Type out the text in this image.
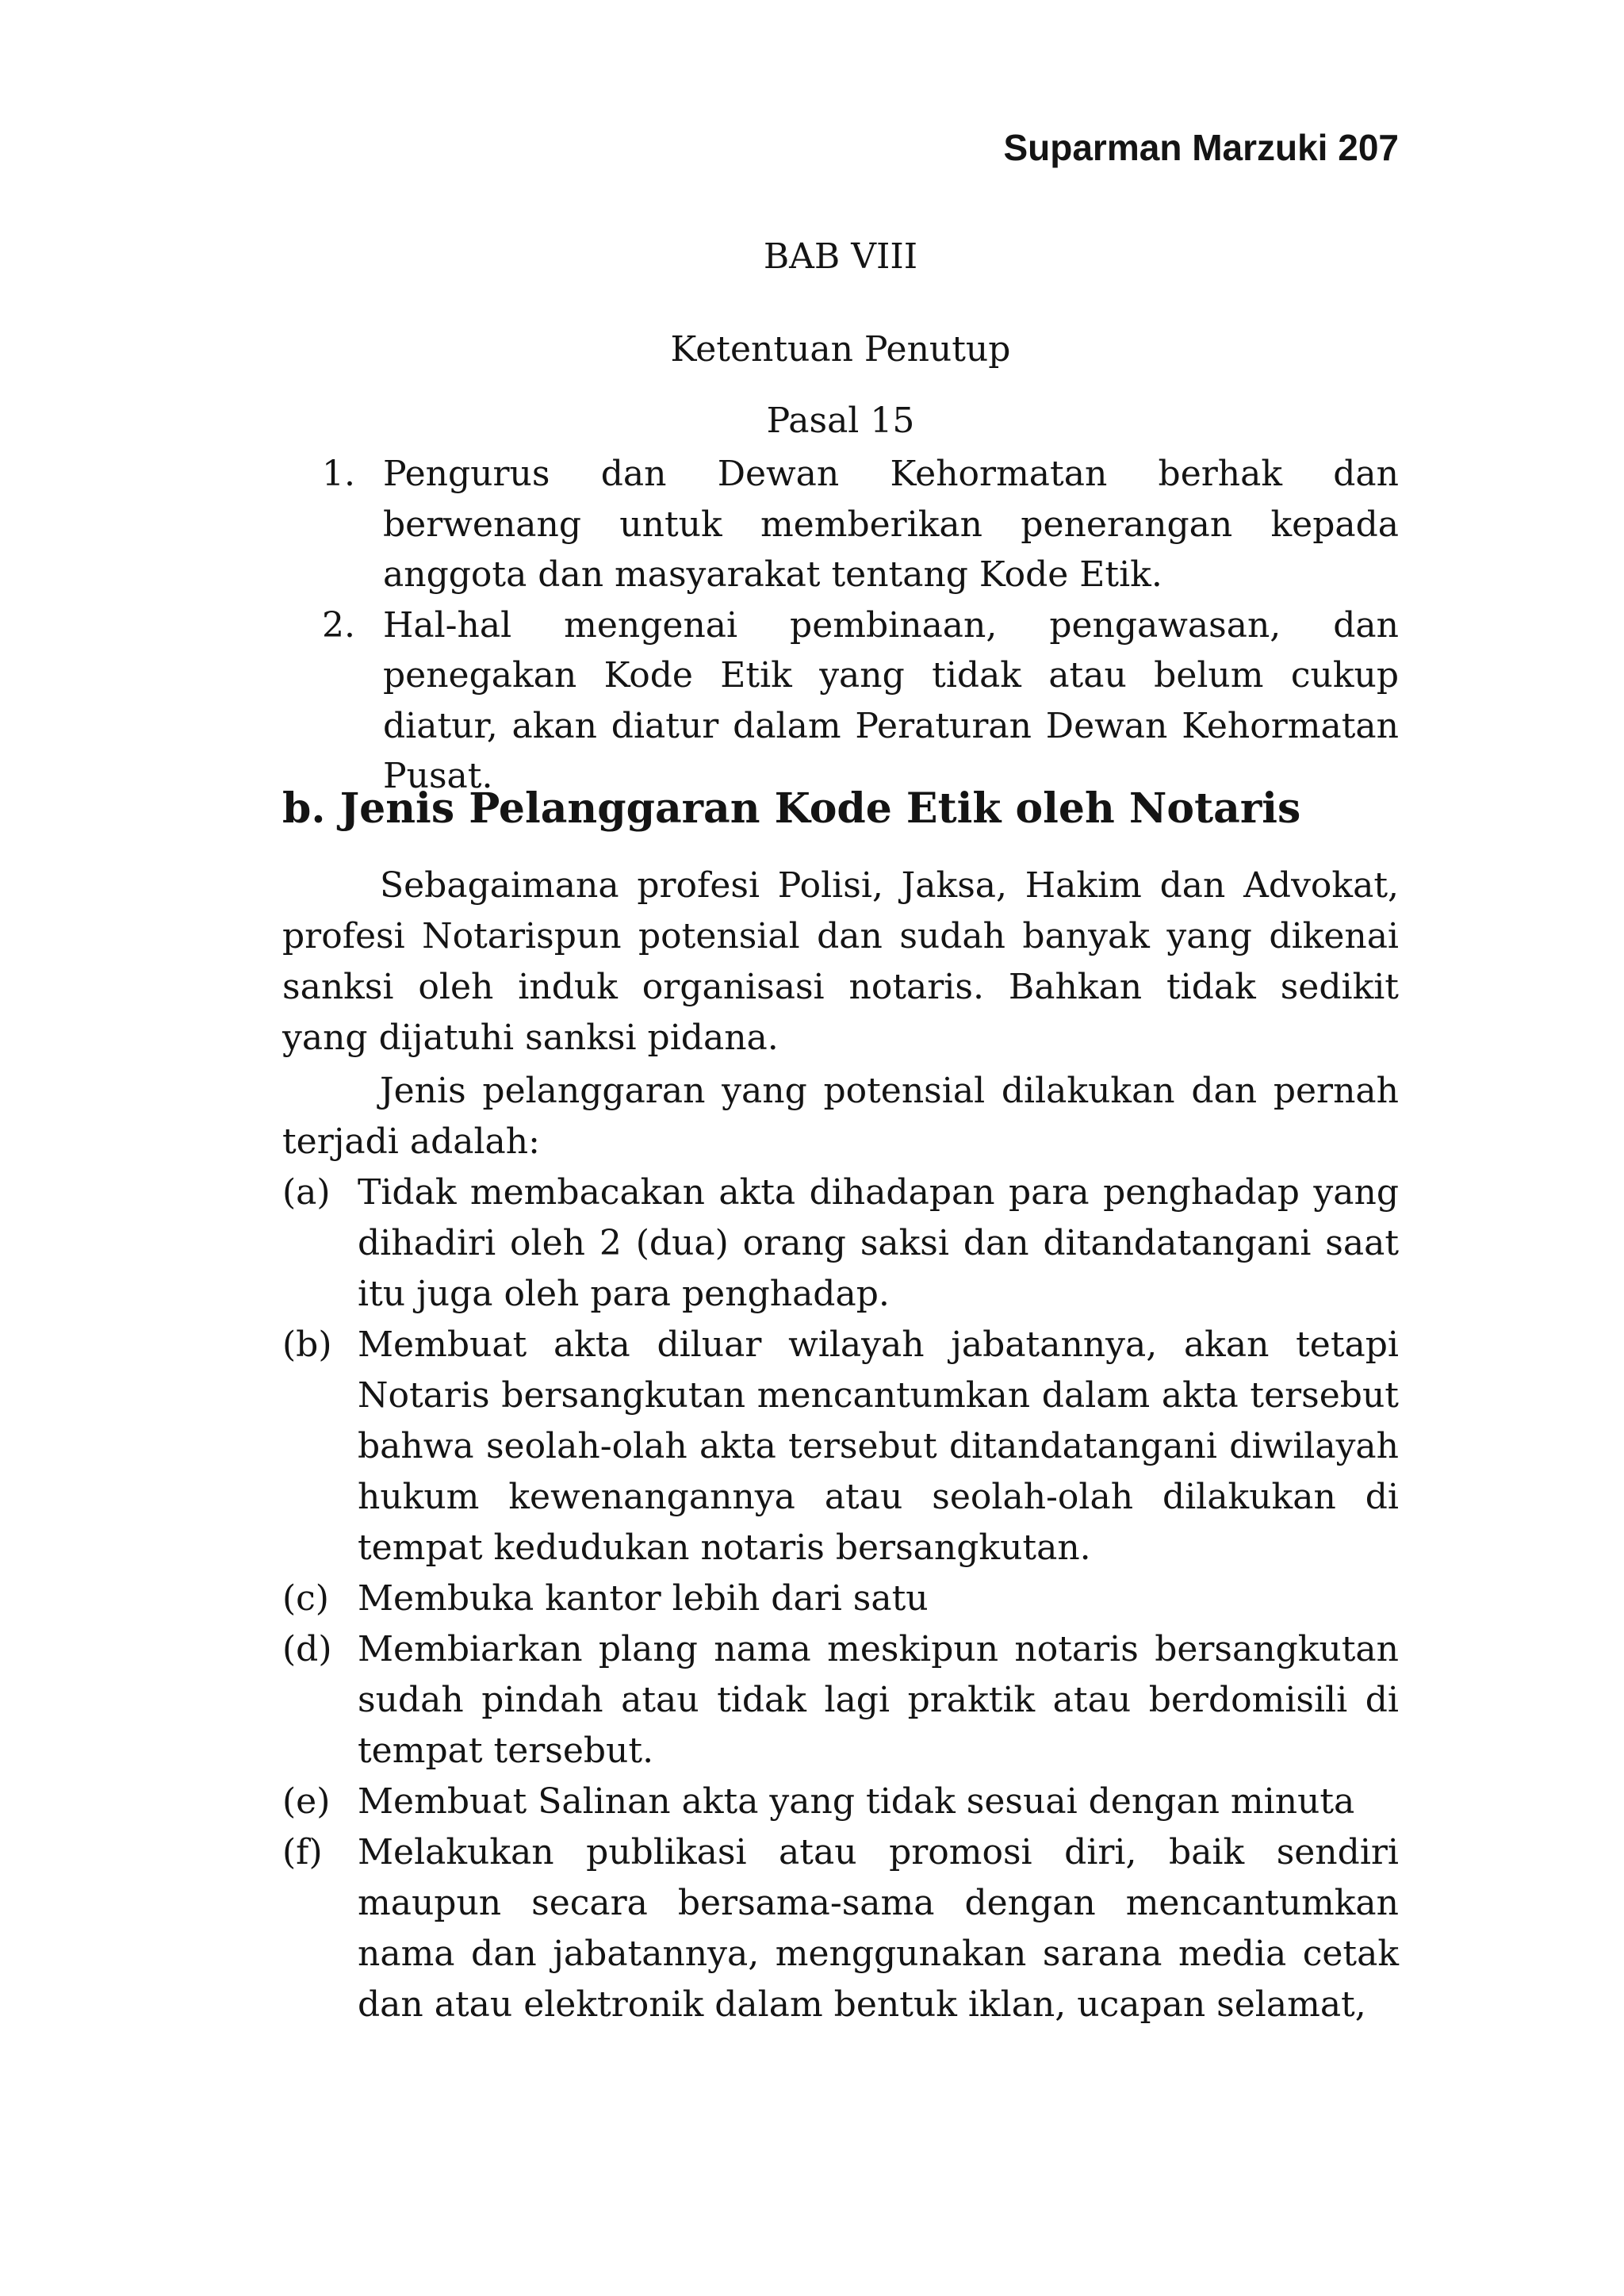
Suparman Marzuki 207
BAB VIII
Ketentuan Penutup
Pasal 15
1. Pengurus dan Dewan Kehormatan berhak dan berwenang untuk memberikan penerangan kepada anggota dan masyarakat tentang Kode Etik.
2. Hal-hal mengenai pembinaan, pengawasan, dan penegakan Kode Etik yang tidak atau belum cukup diatur, akan diatur dalam Peraturan Dewan Kehormatan Pusat.
b. Jenis Pelanggaran Kode Etik oleh Notaris

Sebagaimana profesi Polisi, Jaksa, Hakim dan Advokat, profesi Notarispun potensial dan sudah banyak yang dikenai sanksi oleh induk organisasi notaris. Bahkan tidak sedikit yang dijatuhi sanksi pidana.

Jenis pelanggaran yang potensial dilakukan dan pernah terjadi adalah:

(a) Tidak membacakan akta dihadapan para penghadap yang dihadiri oleh 2 (dua) orang saksi dan ditandatangani saat itu juga oleh para penghadap.
(b) Membuat akta diluar wilayah jabatannya, akan tetapi Notaris bersangkutan mencantumkan dalam akta tersebut bahwa seolah-olah akta tersebut ditandatangani diwilayah hukum kewenangannya atau seolah-olah dilakukan di tempat kedudukan notaris bersangkutan.
(c) Membuka kantor lebih dari satu
(d) Membiarkan plang nama meskipun notaris bersangkutan sudah pindah atau tidak lagi praktik atau berdomisili di tempat tersebut.
(e) Membuat Salinan akta yang tidak sesuai dengan minuta
(f) Melakukan publikasi atau promosi diri, baik sendiri maupun secara bersama-sama dengan mencantumkan nama dan jabatannya, menggunakan sarana media cetak dan atau elektronik dalam bentuk iklan, ucapan selamat,
